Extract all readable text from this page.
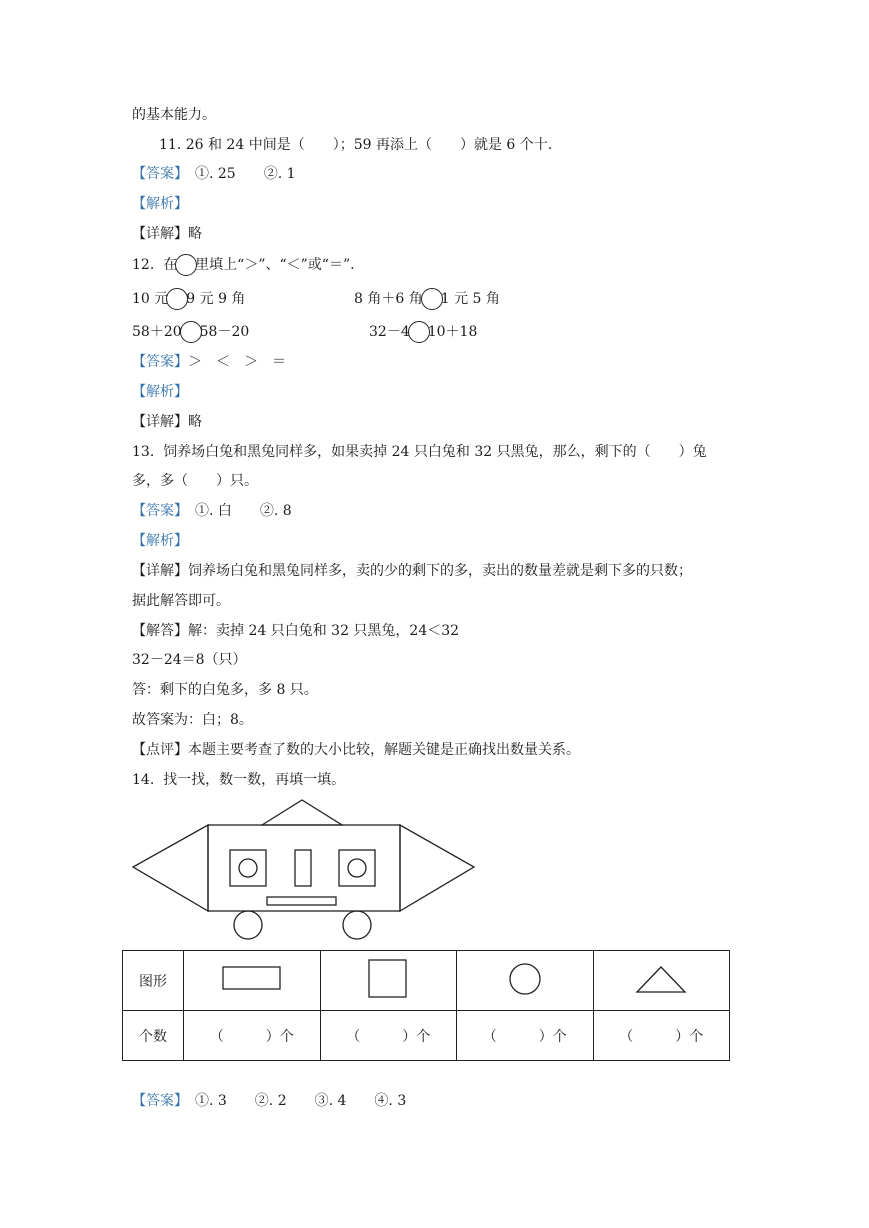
的基本能力。
11. 26 和 24 中间是（　　）；59 再添上（　　）就是 6 个十.
【答案】　①. 25　　②. 1
【解析】
【详解】略
12.  在 里填上“＞”、“＜”或“＝”.
10 元 9 元 9 角	8 角＋6 角 1 元 5 角
58＋20 58－20	32－4 10＋18
【答案】＞　＜　＞　＝
【解析】
【详解】略
13.  饲养场白兔和黑兔同样多，如果卖掉 24 只白兔和 32 只黑兔，那么，剩下的（　　）兔
多，多（　　）只。
【答案】　①. 白　　②. 8
【解析】
【详解】饲养场白兔和黑兔同样多，卖的少的剩下的多，卖出的数量差就是剩下多的只数；
据此解答即可。
【解答】解：卖掉 24 只白兔和 32 只黑兔，24＜32
32－24＝8（只）
答：剩下的白兔多，多 8 只。
故答案为：白；8。
【点评】本题主要考查了数的大小比较，解题关键是正确找出数量关系。
14.  找一找，数一数，再填一填。
图形				
个数	（　　　）个	（　　　）个	（　　　）个	（　　　）个
【答案】　①. 3　　②. 2　　③. 4　　④. 3
